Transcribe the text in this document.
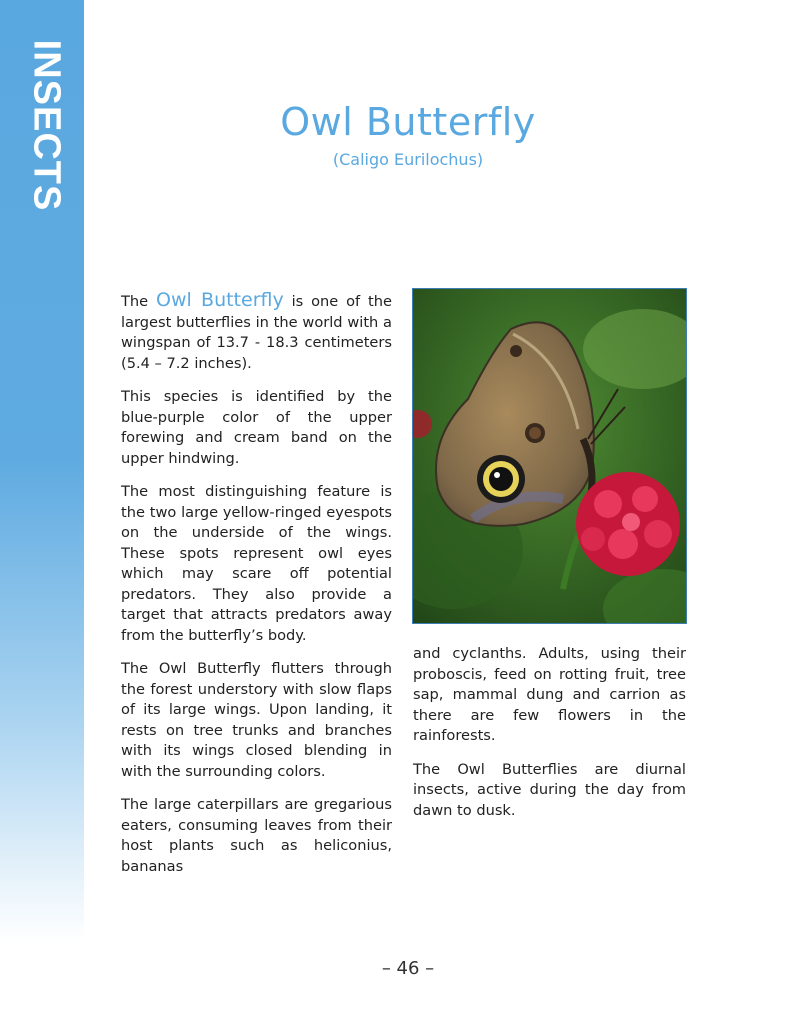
INSECTS	Owl Butterfly
(Caligo Eurilochus)

The Owl Butterfly is one of the largest butterflies in the world with a wingspan of 13.7 - 18.3 centimeters (5.4 – 7.2 inches).

This species is identified by the blue-purple color of the upper forewing and cream band on the upper hindwing.

The most distinguishing feature is the two large yellow-ringed eyespots on the underside of the wings. These spots represent owl eyes which may scare off potential predators. They also provide a target that attracts predators away from the butterfly’s body.

The Owl Butterfly flutters through the forest understory with slow flaps of its large wings. Upon landing, it rests on tree trunks and branches with its wings closed blending in with the surrounding colors.

The large caterpillars are gregarious eaters, consuming leaves from their host plants such as heliconius, bananas

and cyclanths. Adults, using their proboscis, feed on rotting fruit, tree sap, mammal dung and carrion as there are few flowers in the rainforests.

The Owl Butterflies are diurnal insects, active during the day from dawn to dusk.

– 46 –
